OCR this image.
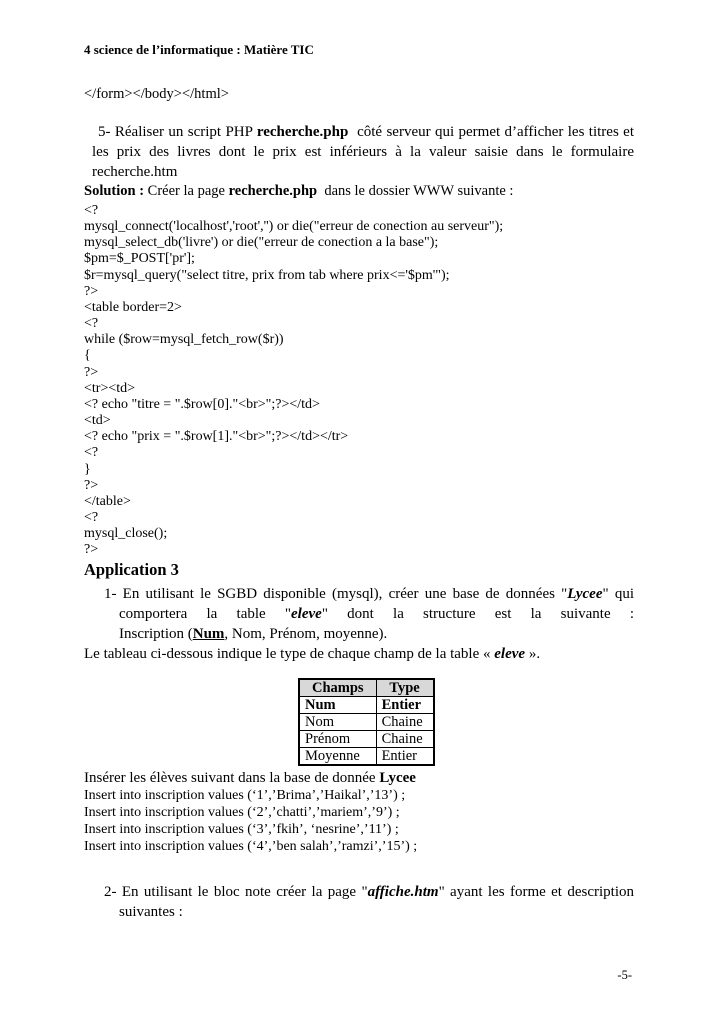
4 science de l’informatique : Matière TIC

</form></body></html>

5- Réaliser un script PHP recherche.php  côté serveur qui permet d’afficher les titres et les prix des livres dont le prix est inférieurs à la valeur saisie dans le formulaire recherche.htm

Solution : Créer la page recherche.php  dans le dossier WWW suivante :

<?
mysql_connect('localhost','root','') or die("erreur de conection au serveur");
mysql_select_db('livre') or die("erreur de conection a la base");
$pm=$_POST['pr'];
$r=mysql_query("select titre, prix from tab where prix<='$pm'");
?>
<table border=2>
<?
while ($row=mysql_fetch_row($r))
{
?>
<tr><td>
<? echo "titre = ".$row[0]."<br>";?></td>
<td>
<? echo "prix = ".$row[1]."<br>";?></td></tr>
<?
}
?>
</table>
<?
mysql_close();
?>
Application 3
1- En utilisant le SGBD disponible (mysql), créer une base de données "Lycee" qui comportera la table "eleve" dont la structure est la suivante :
Inscription (Num, Nom, Prénom, moyenne).
Le tableau ci-dessous indique le type de chaque champ de la table « eleve ».
Champs	Type
Num	Entier
Nom	Chaine
Prénom	Chaine
Moyenne	Entier
Insérer les élèves suivant dans la base de donnée Lycee
Insert into inscription values (‘1’,’Brima’,’Haikal’,’13’) ;
Insert into inscription values (‘2’,’chatti’,’mariem’,’9’) ;
Insert into inscription values (‘3’,’fkih’, ‘nesrine’,’11’) ;
Insert into inscription values (‘4’,’ben salah’,’ramzi’,’15’) ;
2- En utilisant le bloc note créer la page "affiche.htm" ayant les forme et description suivantes :
-5-
